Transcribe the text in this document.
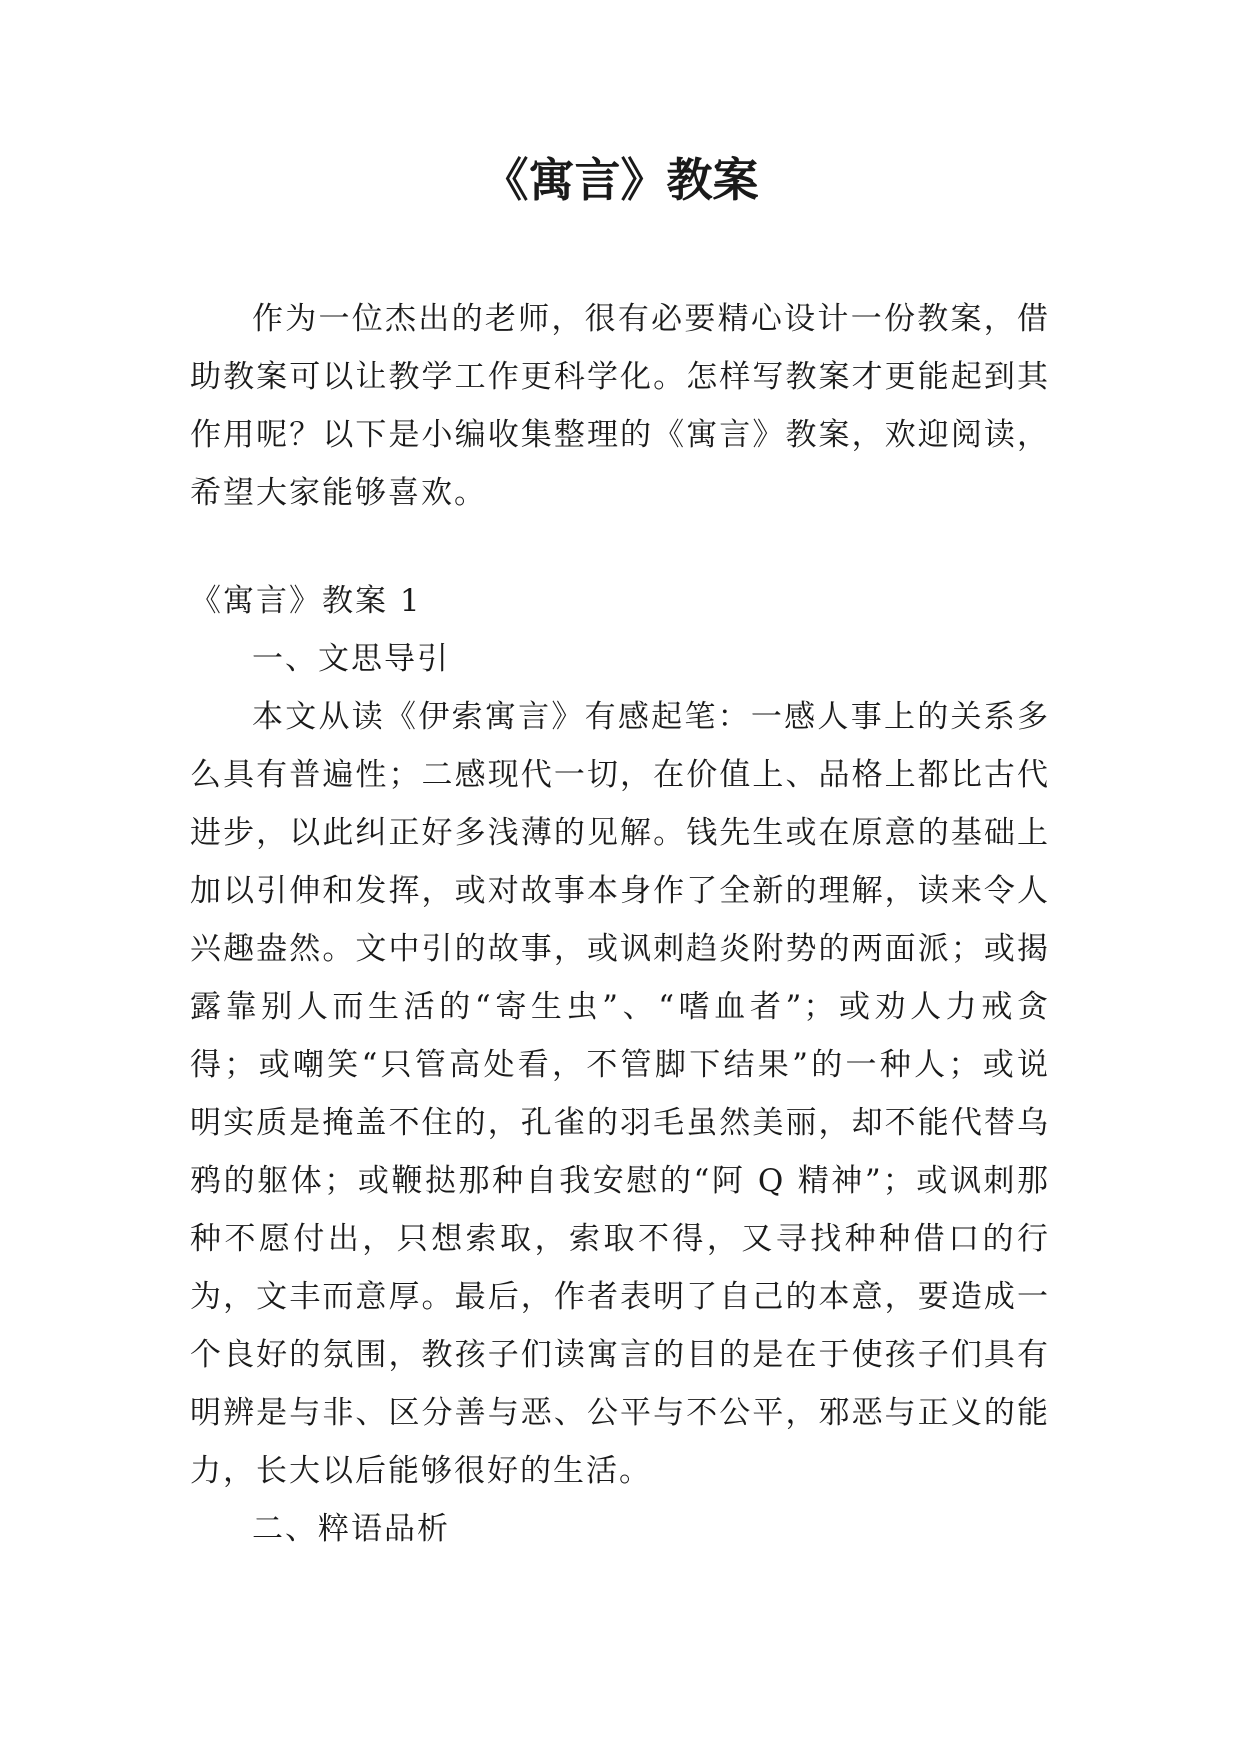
《寓言》教案

作为一位杰出的老师，很有必要精心设计一份教案，借助教案可以让教学工作更科学化。怎样写教案才更能起到其作用呢？以下是小编收集整理的《寓言》教案，欢迎阅读，希望大家能够喜欢。

《寓言》教案 1

一、文思导引

本文从读《伊索寓言》有感起笔：一感人事上的关系多么具有普遍性；二感现代一切，在价值上、品格上都比古代进步，以此纠正好多浅薄的见解。钱先生或在原意的基础上加以引伸和发挥，或对故事本身作了全新的理解，读来令人兴趣盎然。文中引的故事，或讽刺趋炎附势的两面派；或揭露靠别人而生活的“寄生虫”、“嗜血者”；或劝人力戒贪得；或嘲笑“只管高处看，不管脚下结果”的一种人；或说明实质是掩盖不住的，孔雀的羽毛虽然美丽，却不能代替乌鸦的躯体；或鞭挞那种自我安慰的“阿 Q 精神”；或讽刺那种不愿付出，只想索取，索取不得，又寻找种种借口的行为，文丰而意厚。最后，作者表明了自己的本意，要造成一个良好的氛围，教孩子们读寓言的目的是在于使孩子们具有明辨是与非、区分善与恶、公平与不公平，邪恶与正义的能力，长大以后能够很好的生活。

二、粹语品析
